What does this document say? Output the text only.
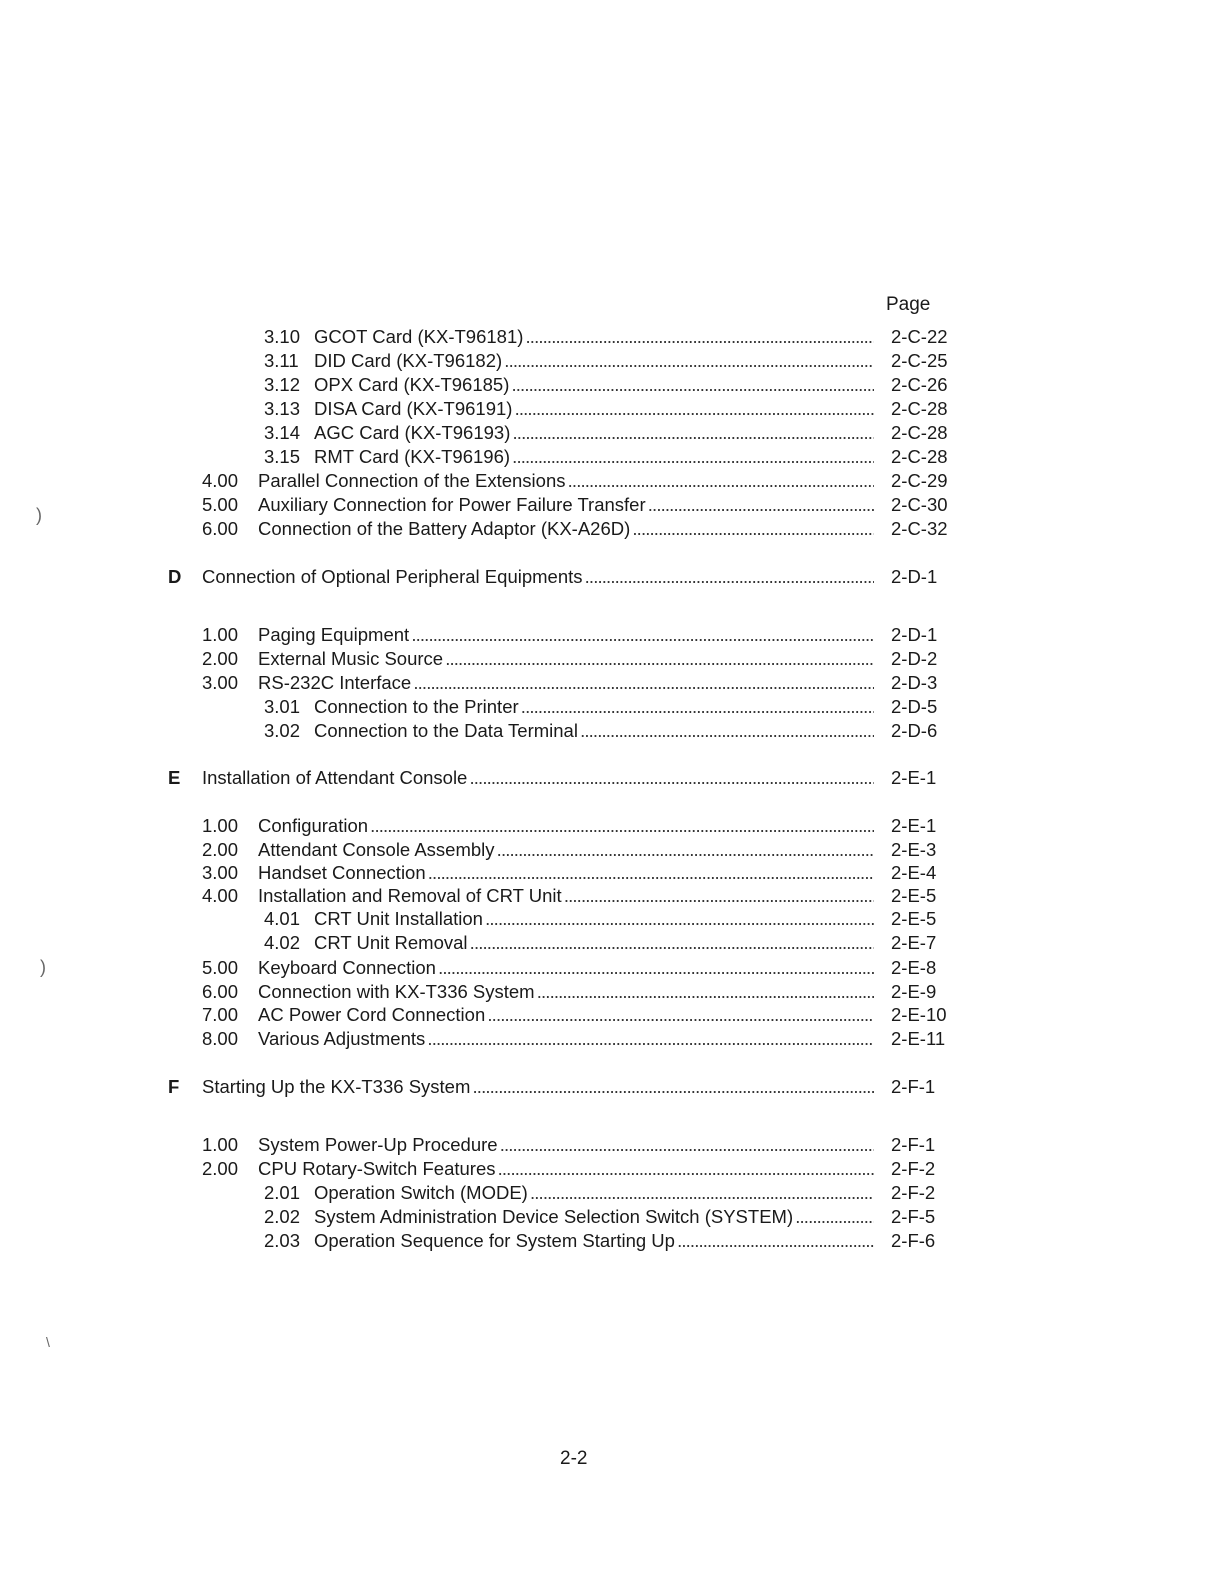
Page
3.10 GCOT Card (KX-T96181) . . .	2-C-22
3.11 DID Card (KX-T96182) . . .	2-C-25
3.12 OPX Card (KX-T96185) . . .	2-C-26
3.13 DISA Card (KX-T96191) . . .	2-C-28
3.14 AGC Card (KX-T96193) . . .	2-C-28
3.15 RMT Card (KX-T96196) . . .	2-C-28
4.00 Parallel Connection of the Extensions . . .	2-C-29
5.00 Auxiliary Connection for Power Failure Transfer . . .	2-C-30
6.00 Connection of the Battery Adaptor (KX-A26D) . . .	2-C-32
D Connection of Optional Peripheral Equipments . . .	2-D-1
1.00 Paging Equipment . . .	2-D-1
2.00 External Music Source . . .	2-D-2
3.00 RS-232C Interface . . .	2-D-3
3.01 Connection to the Printer . . .	2-D-5
3.02 Connection to the Data Terminal . . .	2-D-6
E Installation of Attendant Console . . .	2-E-1
1.00 Configuration . . .	2-E-1
2.00 Attendant Console Assembly . . .	2-E-3
3.00 Handset Connection . . .	2-E-4
4.00 Installation and Removal of CRT Unit . . .	2-E-5
4.01 CRT Unit Installation . . .	2-E-5
4.02 CRT Unit Removal . . .	2-E-7
5.00 Keyboard Connection . . .	2-E-8
6.00 Connection with KX-T336 System . . .	2-E-9
7.00 AC Power Cord Connection . . .	2-E-10
8.00 Various Adjustments . . .	2-E-11
F Starting Up the KX-T336 System . . .	2-F-1
1.00 System Power-Up Procedure . . .	2-F-1
2.00 CPU Rotary-Switch Features . . .	2-F-2
2.01 Operation Switch (MODE) . . .	2-F-2
2.02 System Administration Device Selection Switch (SYSTEM) . . .	2-F-5
2.03 Operation Sequence for System Starting Up . . .	2-F-6
)
)
\
2-2
